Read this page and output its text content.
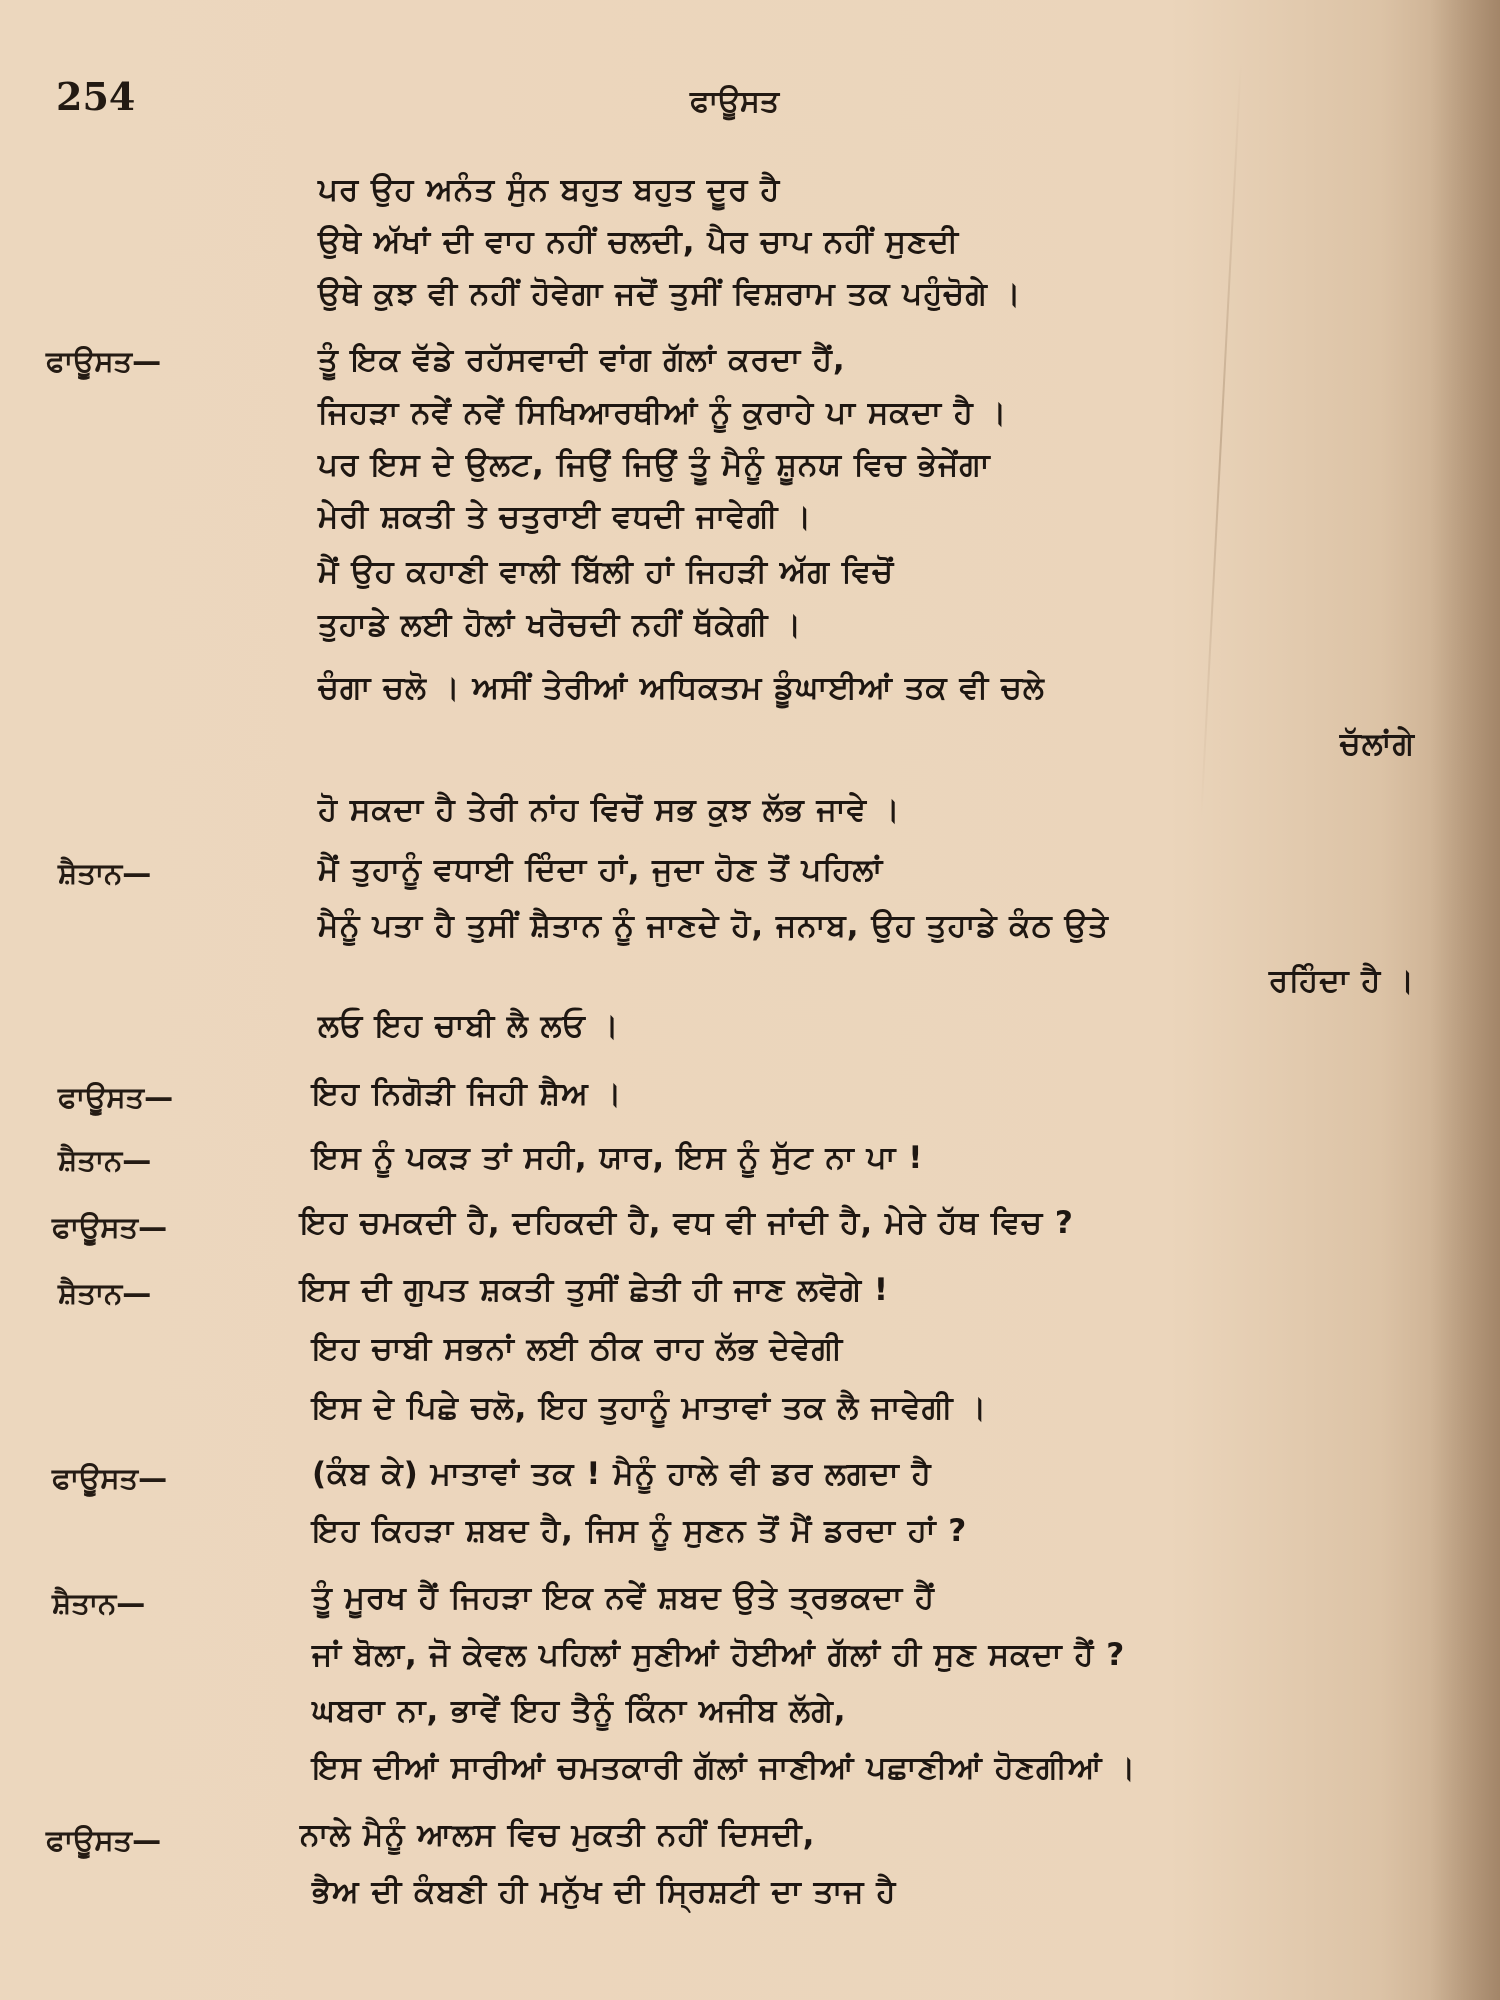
254	ਫਾਊਸਤ
ਪਰ ਉਹ ਅਨੰਤ ਸੁੰਨ ਬਹੁਤ ਬਹੁਤ ਦੂਰ ਹੈ
ਉਥੇ ਅੱਖਾਂ ਦੀ ਵਾਹ ਨਹੀਂ ਚਲਦੀ, ਪੈਰ ਚਾਪ ਨਹੀਂ ਸੁਣਦੀ
ਉਥੇ ਕੁਝ ਵੀ ਨਹੀਂ ਹੋਵੇਗਾ ਜਦੋਂ ਤੁਸੀਂ ਵਿਸ਼ਰਾਮ ਤਕ ਪਹੁੰਚੋਗੇ ।
ਫਾਊਸਤ—	ਤੂੰ ਇਕ ਵੱਡੇ ਰਹੱਸਵਾਦੀ ਵਾਂਗ ਗੱਲਾਂ ਕਰਦਾ ਹੈਂ,
ਜਿਹੜਾ ਨਵੇਂ ਨਵੇਂ ਸਿਖਿਆਰਥੀਆਂ ਨੂੰ ਕੁਰਾਹੇ ਪਾ ਸਕਦਾ ਹੈ ।
ਪਰ ਇਸ ਦੇ ਉਲਟ, ਜਿਉਂ ਜਿਉਂ ਤੂੰ ਮੈਨੂੰ ਸ਼ੂਨਯ ਵਿਚ ਭੇਜੇਂਗਾ
ਮੇਰੀ ਸ਼ਕਤੀ ਤੇ ਚਤੁਰਾਈ ਵਧਦੀ ਜਾਵੇਗੀ ।
ਮੈਂ ਉਹ ਕਹਾਣੀ ਵਾਲੀ ਬਿੱਲੀ ਹਾਂ ਜਿਹੜੀ ਅੱਗ ਵਿਚੋਂ
ਤੁਹਾਡੇ ਲਈ ਹੋਲਾਂ ਖਰੋਚਦੀ ਨਹੀਂ ਥੱਕੇਗੀ ।
ਚੰਗਾ ਚਲੋ । ਅਸੀਂ ਤੇਰੀਆਂ ਅਧਿਕਤਮ ਡੂੰਘਾਈਆਂ ਤਕ ਵੀ ਚਲੇ
ਚੱਲਾਂਗੇ
ਹੋ ਸਕਦਾ ਹੈ ਤੇਰੀ ਨਾਂਹ ਵਿਚੋਂ ਸਭ ਕੁਝ ਲੱਭ ਜਾਵੇ ।
ਸ਼ੈਤਾਨ—	ਮੈਂ ਤੁਹਾਨੂੰ ਵਧਾਈ ਦਿੰਦਾ ਹਾਂ, ਜੁਦਾ ਹੋਣ ਤੋਂ ਪਹਿਲਾਂ
ਮੈਨੂੰ ਪਤਾ ਹੈ ਤੁਸੀਂ ਸ਼ੈਤਾਨ ਨੂੰ ਜਾਣਦੇ ਹੋ, ਜਨਾਬ, ਉਹ ਤੁਹਾਡੇ ਕੰਠ ਉਤੇ
ਰਹਿੰਦਾ ਹੈ ।
ਲਓ ਇਹ ਚਾਬੀ ਲੈ ਲਓ ।
ਫਾਊਸਤ—	ਇਹ ਨਿਗੋੜੀ ਜਿਹੀ ਸ਼ੈਅ ।
ਸ਼ੈਤਾਨ—	ਇਸ ਨੂੰ ਪਕੜ ਤਾਂ ਸਹੀ, ਯਾਰ, ਇਸ ਨੂੰ ਸੁੱਟ ਨਾ ਪਾ !
ਫਾਊਸਤ—	ਇਹ ਚਮਕਦੀ ਹੈ, ਦਹਿਕਦੀ ਹੈ, ਵਧ ਵੀ ਜਾਂਦੀ ਹੈ, ਮੇਰੇ ਹੱਥ ਵਿਚ ?
ਸ਼ੈਤਾਨ—	ਇਸ ਦੀ ਗੁਪਤ ਸ਼ਕਤੀ ਤੁਸੀਂ ਛੇਤੀ ਹੀ ਜਾਣ ਲਵੋਗੇ !
ਇਹ ਚਾਬੀ ਸਭਨਾਂ ਲਈ ਠੀਕ ਰਾਹ ਲੱਭ ਦੇਵੇਗੀ
ਇਸ ਦੇ ਪਿਛੇ ਚਲੋ, ਇਹ ਤੁਹਾਨੂੰ ਮਾਤਾਵਾਂ ਤਕ ਲੈ ਜਾਵੇਗੀ ।
ਫਾਊਸਤ—	(ਕੰਬ ਕੇ) ਮਾਤਾਵਾਂ ਤਕ ! ਮੈਨੂੰ ਹਾਲੇ ਵੀ ਡਰ ਲਗਦਾ ਹੈ
ਇਹ ਕਿਹੜਾ ਸ਼ਬਦ ਹੈ, ਜਿਸ ਨੂੰ ਸੁਣਨ ਤੋਂ ਮੈਂ ਡਰਦਾ ਹਾਂ ?
ਸ਼ੈਤਾਨ—	ਤੂੰ ਮੂਰਖ ਹੈਂ ਜਿਹੜਾ ਇਕ ਨਵੇਂ ਸ਼ਬਦ ਉਤੇ ਤ੍ਰਭਕਦਾ ਹੈਂ
ਜਾਂ ਬੋਲਾ, ਜੋ ਕੇਵਲ ਪਹਿਲਾਂ ਸੁਣੀਆਂ ਹੋਈਆਂ ਗੱਲਾਂ ਹੀ ਸੁਣ ਸਕਦਾ ਹੈਂ ?
ਘਬਰਾ ਨਾ, ਭਾਵੇਂ ਇਹ ਤੈਨੂੰ ਕਿੰਨਾ ਅਜੀਬ ਲੱਗੇ,
ਇਸ ਦੀਆਂ ਸਾਰੀਆਂ ਚਮਤਕਾਰੀ ਗੱਲਾਂ ਜਾਣੀਆਂ ਪਛਾਣੀਆਂ ਹੋਣਗੀਆਂ ।
ਫਾਊਸਤ—	ਨਾਲੇ ਮੈਨੂੰ ਆਲਸ ਵਿਚ ਮੁਕਤੀ ਨਹੀਂ ਦਿਸਦੀ,
ਭੈਅ ਦੀ ਕੰਬਣੀ ਹੀ ਮਨੁੱਖ ਦੀ ਸ੍ਰਿਸ਼ਟੀ ਦਾ ਤਾਜ ਹੈ
